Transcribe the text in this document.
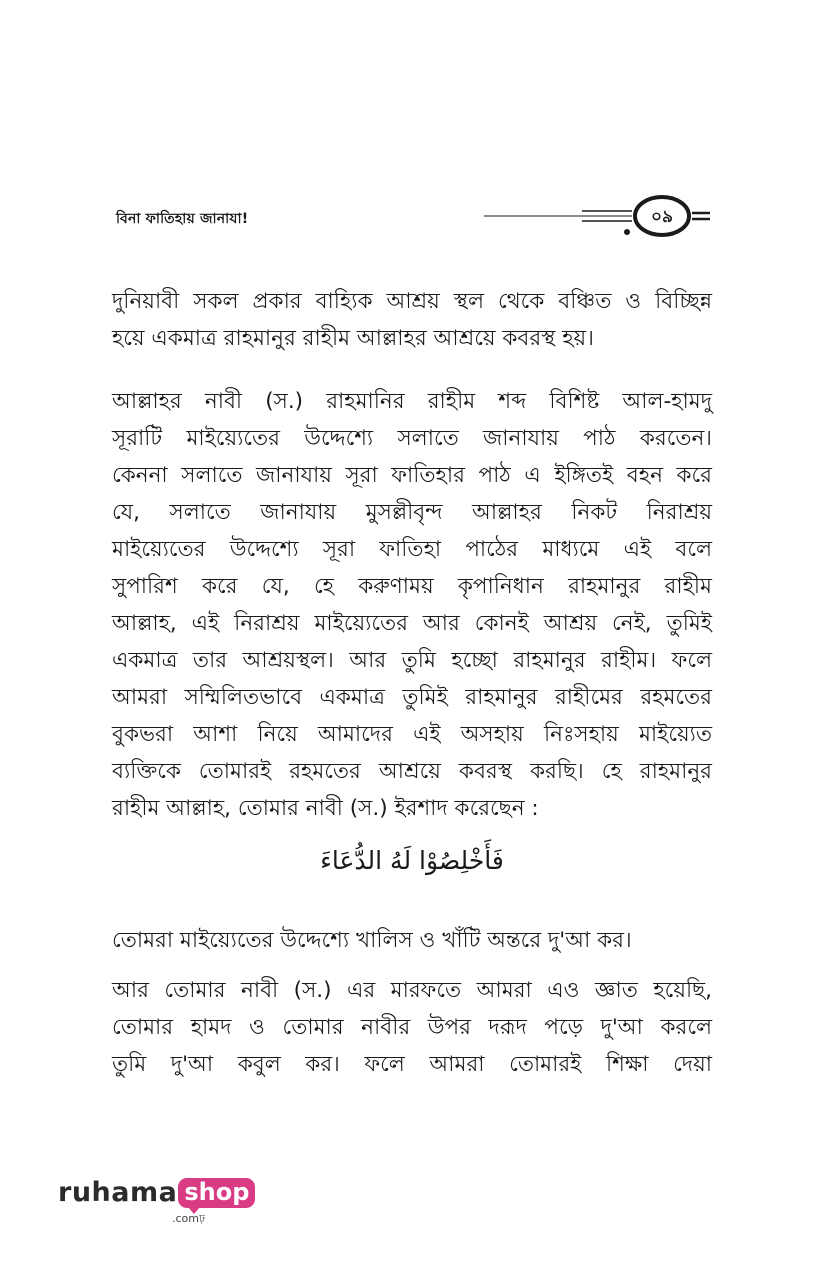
বিনা ফাতিহায় জানাযা!	০৯

দুনিয়াবী সকল প্রকার বাহ্যিক আশ্রয় স্থল থেকে বঞ্চিত ও বিচ্ছিন্ন

হয়ে একমাত্র রাহমানুর রাহীম আল্লাহর আশ্রয়ে কবরস্থ হয়।

আল্লাহর নাবী (স.) রাহমানির রাহীম শব্দ বিশিষ্ট আল-হামদু

সূরাটি মাইয়্যেতের উদ্দেশ্যে সলাতে জানাযায় পাঠ করতেন।

কেননা সলাতে জানাযায় সূরা ফাতিহার পাঠ এ ইঙ্গিতই বহন করে

যে, সলাতে জানাযায় মুসল্লীবৃন্দ আল্লাহর নিকট নিরাশ্রয়

মাইয়্যেতের উদ্দেশ্যে সূরা ফাতিহা পাঠের মাধ্যমে এই বলে

সুপারিশ করে যে, হে করুণাময় কৃপানিধান রাহমানুর রাহীম

আল্লাহ, এই নিরাশ্রয় মাইয়্যেতের আর কোনই আশ্রয় নেই, তুমিই

একমাত্র তার আশ্রয়স্থল। আর তুমি হচ্ছো রাহমানুর রাহীম। ফলে

আমরা সম্মিলিতভাবে একমাত্র তুমিই রাহমানুর রাহীমের রহমতের

বুকভরা আশা নিয়ে আমাদের এই অসহায় নিঃসহায় মাইয়্যেত

ব্যক্তিকে তোমারই রহমতের আশ্রয়ে কবরস্থ করছি। হে রাহমানুর

রাহীম আল্লাহ, তোমার নাবী (স.) ইরশাদ করেছেন :

فَأَخْلِصُوْا لَهُ الدُّعَاءَ

তোমরা মাইয়্যেতের উদ্দেশ্যে খালিস ও খাঁটি অন্তরে দু'আ কর।

আর তোমার নাবী (স.) এর মারফতে আমরা এও জ্ঞাত হয়েছি,

তোমার হামদ ও তোমার নাবীর উপর দরূদ পড়ে দু'আ করলে

তুমি দু'আ কবুল কর। ফলে আমরা তোমারই শিক্ষা দেয়া

ruhama shop
.comঢ়
